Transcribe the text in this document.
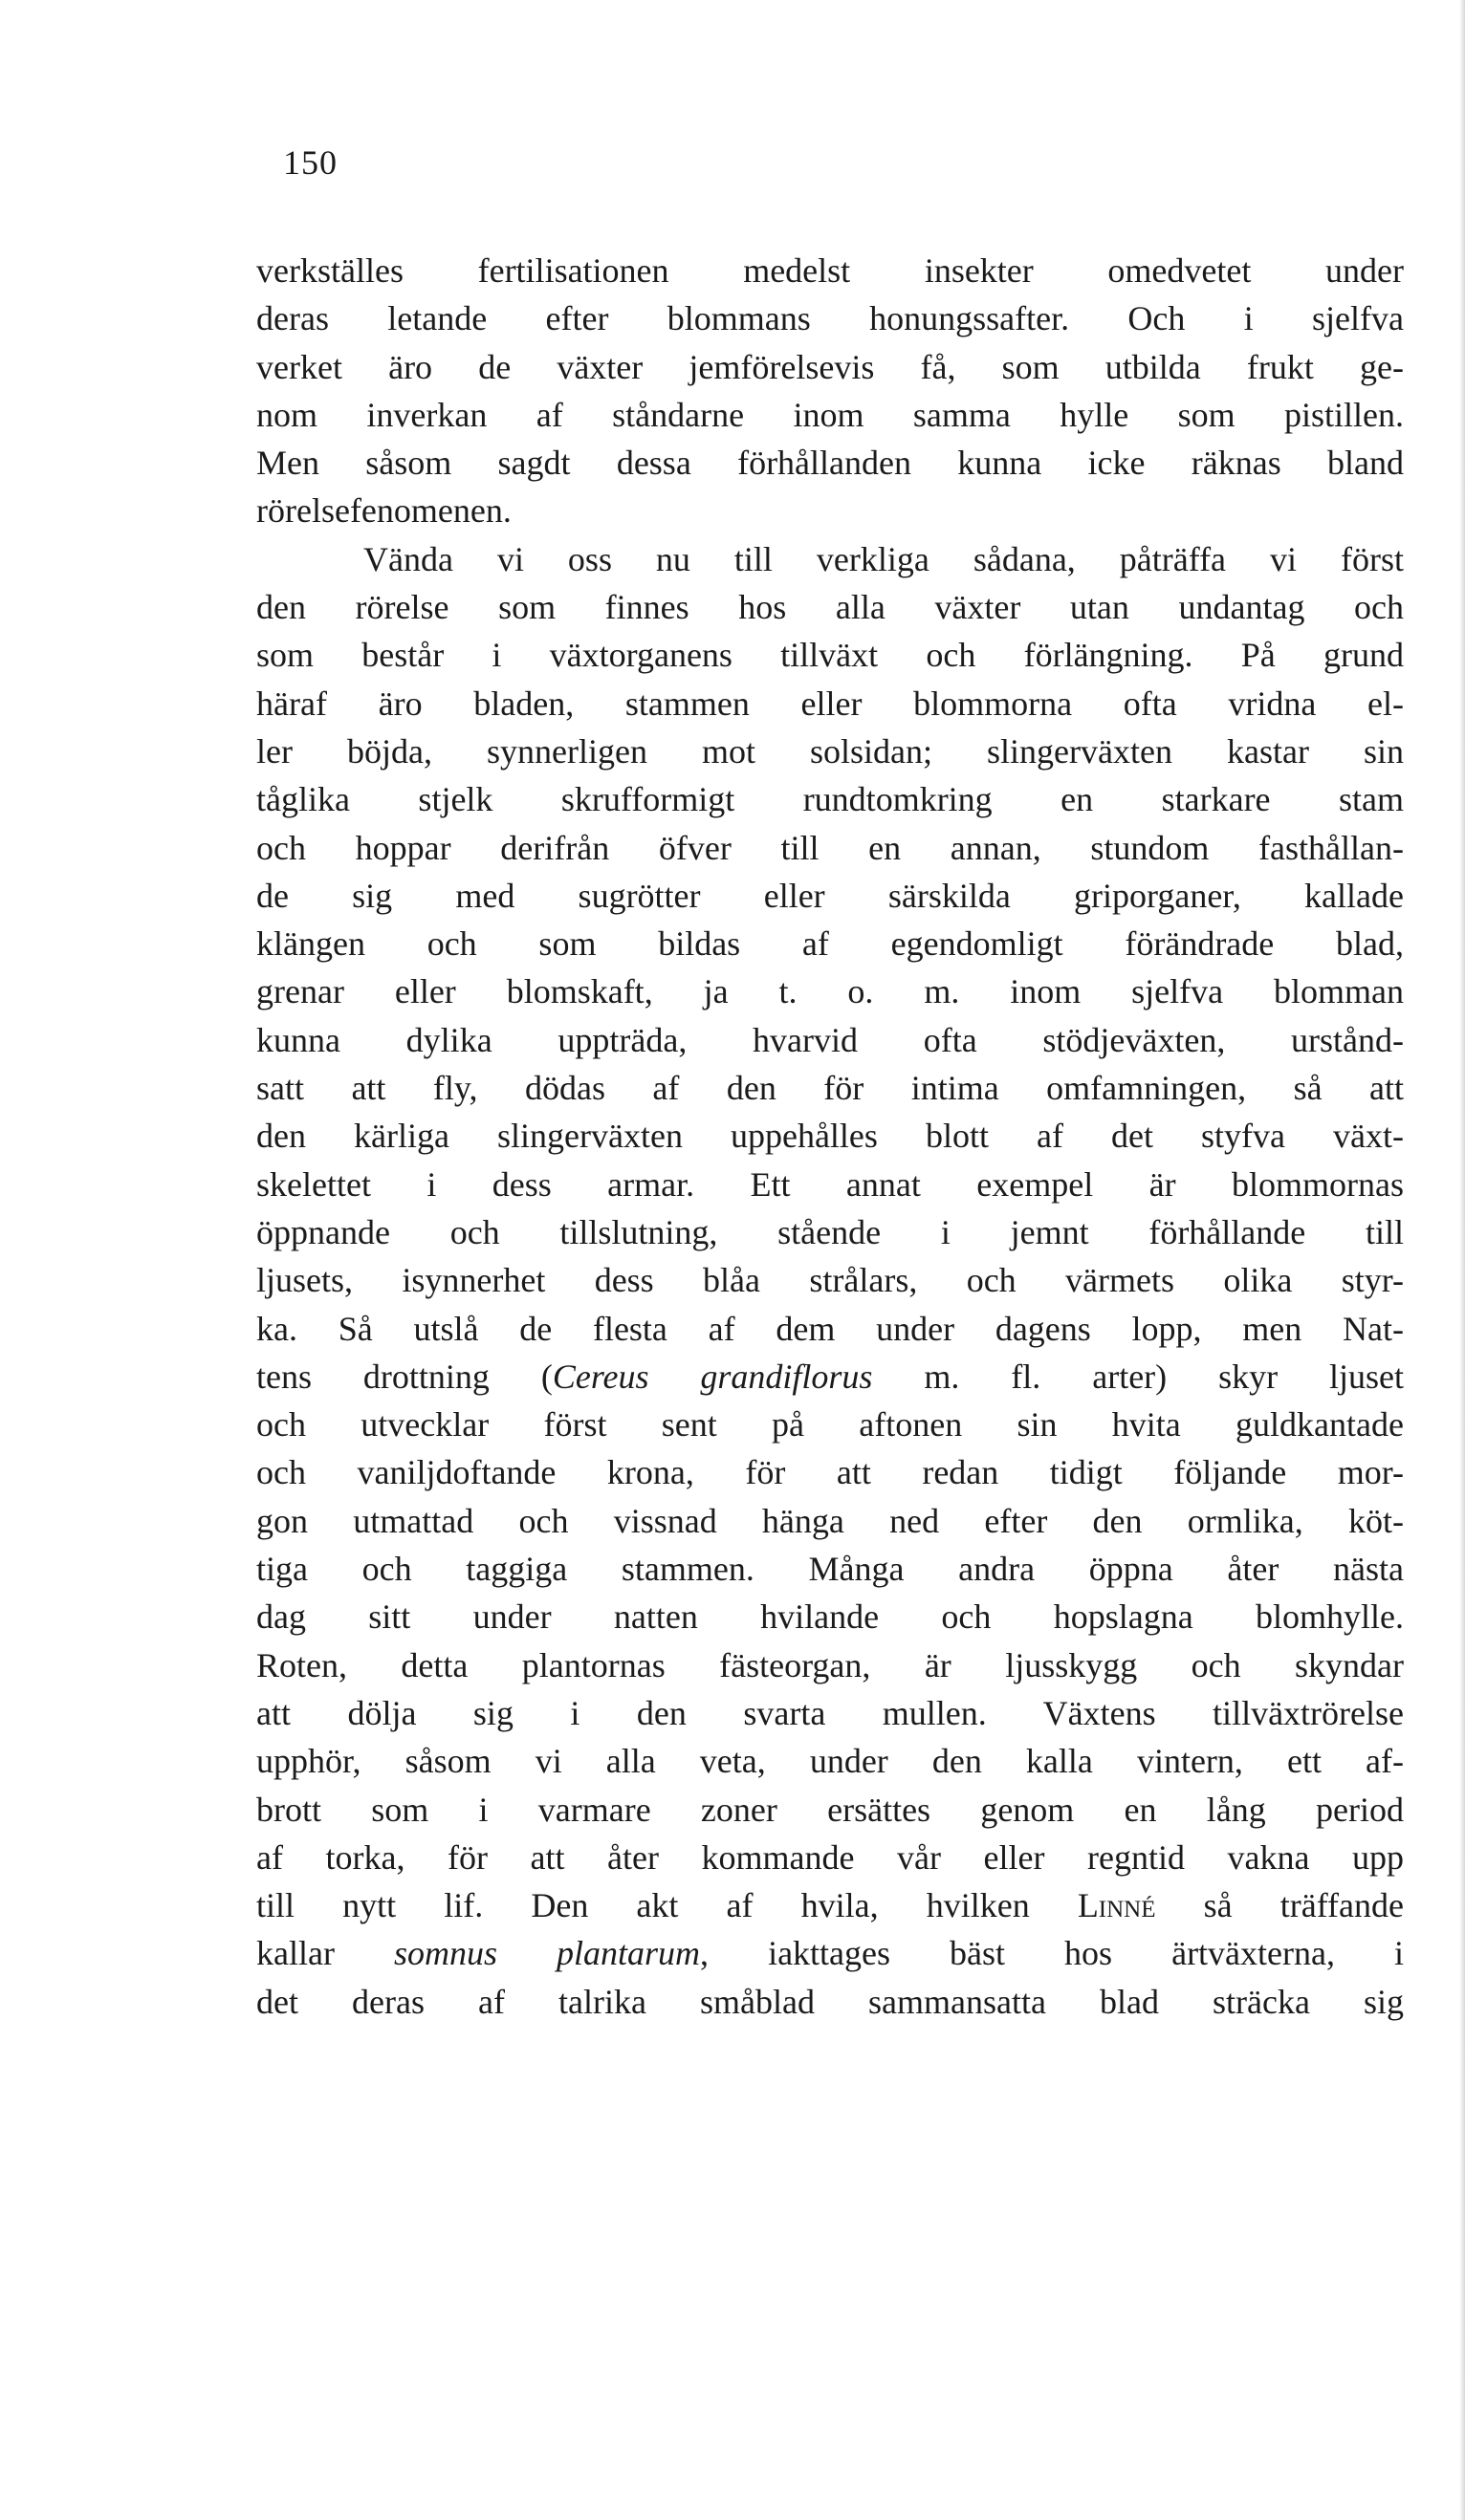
150
verkställes fertilisationen medelst insekter omedvetet under
deras letande efter blommans honungssafter. Och i sjelfva
verket äro de växter jemförelsevis få, som utbilda frukt ge-
nom inverkan af ståndarne inom samma hylle som pistillen.
Men såsom sagdt dessa förhållanden kunna icke räknas bland
rörelsefenomenen.
Vända vi oss nu till verkliga sådana, påträffa vi först
den rörelse som finnes hos alla växter utan undantag och
som består i växtorganens tillväxt och förlängning. På grund
häraf äro bladen, stammen eller blommorna ofta vridna el-
ler böjda, synnerligen mot solsidan; slingerväxten kastar sin
tåglika stjelk skrufformigt rundtomkring en starkare stam
och hoppar derifrån öfver till en annan, stundom fasthållan-
de sig med sugrötter eller särskilda griporganer, kallade
klängen och som bildas af egendomligt förändrade blad,
grenar eller blomskaft, ja t. o. m. inom sjelfva blomman
kunna dylika uppträda, hvarvid ofta stödjeväxten, urstånd-
satt att fly, dödas af den för intima omfamningen, så att
den kärliga slingerväxten uppehålles blott af det styfva växt-
skelettet i dess armar. Ett annat exempel är blommornas
öppnande och tillslutning, stående i jemnt förhållande till
ljusets, isynnerhet dess blåa strålars, och värmets olika styr-
ka. Så utslå de flesta af dem under dagens lopp, men Nat-
tens drottning (Cereus grandiflorus m. fl. arter) skyr ljuset
och utvecklar först sent på aftonen sin hvita guldkantade
och vaniljdoftande krona, för att redan tidigt följande mor-
gon utmattad och vissnad hänga ned efter den ormlika, köt-
tiga och taggiga stammen. Många andra öppna åter nästa
dag sitt under natten hvilande och hopslagna blomhylle.
Roten, detta plantornas fästeorgan, är ljusskygg och skyndar
att dölja sig i den svarta mullen. Växtens tillväxtrörelse
upphör, såsom vi alla veta, under den kalla vintern, ett af-
brott som i varmare zoner ersättes genom en lång period
af torka, för att åter kommande vår eller regntid vakna upp
till nytt lif. Den akt af hvila, hvilken Linné så träffande
kallar somnus plantarum, iakttages bäst hos ärtväxterna, i
det deras af talrika småblad sammansatta blad sträcka sig
